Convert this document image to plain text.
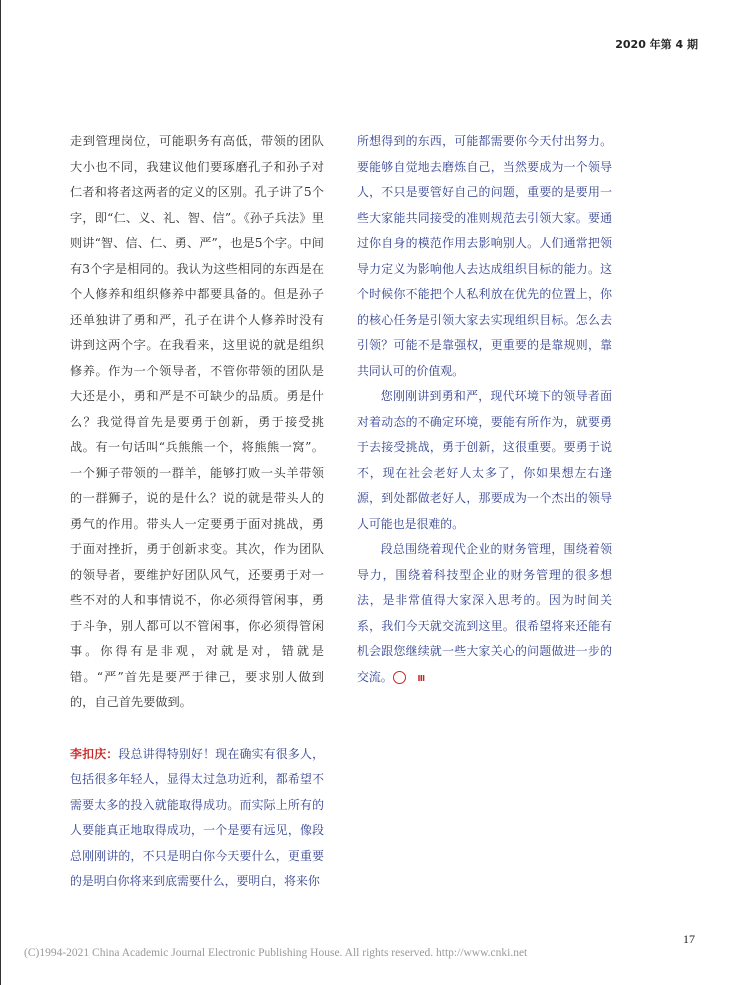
2020 年第 4 期

走到管理岗位，可能职务有高低，带领的团队大小也不同，我建议他们要琢磨孔子和孙子对仁者和将者这两者的定义的区别。孔子讲了5个字，即“仁、义、礼、智、信”。《孙子兵法》里则讲“智、信、仁、勇、严”，也是5个字。中间有3个字是相同的。我认为这些相同的东西是在个人修养和组织修养中都要具备的。但是孙子还单独讲了勇和严，孔子在讲个人修养时没有讲到这两个字。在我看来，这里说的就是组织修养。作为一个领导者，不管你带领的团队是大还是小，勇和严是不可缺少的品质。勇是什么？我觉得首先是要勇于创新，勇于接受挑战。有一句话叫“兵熊熊一个，将熊熊一窝”。一个狮子带领的一群羊，能够打败一头羊带领的一群狮子，说的是什么？说的就是带头人的勇气的作用。带头人一定要勇于面对挑战，勇于面对挫折，勇于创新求变。其次，作为团队的领导者，要维护好团队风气，还要勇于对一些不对的人和事情说不，你必须得管闲事，勇于斗争，别人都可以不管闲事，你必须得管闲事。你得有是非观，对就是对，错就是错。“严”首先是要严于律己，要求别人做到的，自己首先要做到。

李扣庆：段总讲得特别好！现在确实有很多人，包括很多年轻人，显得太过急功近利，都希望不需要太多的投入就能取得成功。而实际上所有的人要能真正地取得成功，一个是要有远见，像段总刚刚讲的，不只是明白你今天要什么，更重要的是明白你将来到底需要什么，要明白，将来你

所想得到的东西，可能都需要你今天付出努力。要能够自觉地去磨炼自己，当然要成为一个领导人，不只是要管好自己的问题，重要的是要用一些大家能共同接受的准则规范去引领大家。要通过你自身的模范作用去影响别人。人们通常把领导力定义为影响他人去达成组织目标的能力。这个时候你不能把个人私利放在优先的位置上，你的核心任务是引领大家去实现组织目标。怎么去引领？可能不是靠强权，更重要的是靠规则，靠共同认可的价值观。

您刚刚讲到勇和严，现代环境下的领导者面对着动态的不确定环境，要能有所作为，就要勇于去接受挑战，勇于创新，这很重要。要勇于说不，现在社会老好人太多了，你如果想左右逢源，到处都做老好人，那要成为一个杰出的领导人可能也是很难的。

段总围绕着现代企业的财务管理，围绕着领导力，围绕着科技型企业的财务管理的很多想法，是非常值得大家深入思考的。因为时间关系，我们今天就交流到这里。很希望将来还能有机会跟您继续就一些大家关心的问题做进一步的交流。	Ⅲ

17
(C)1994-2021 China Academic Journal Electronic Publishing House. All rights reserved. http://www.cnki.net
